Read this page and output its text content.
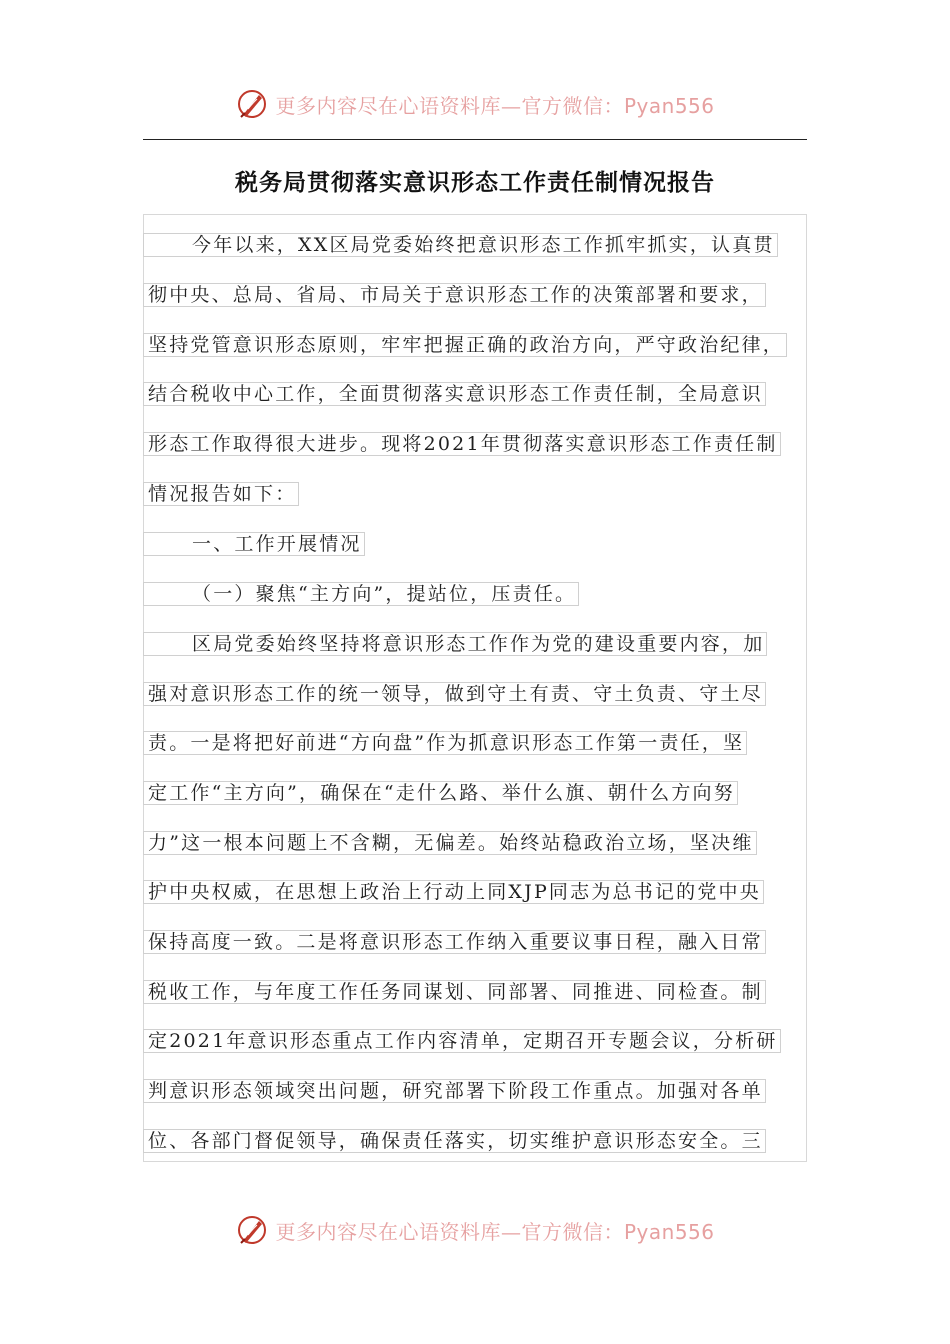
更多内容尽在心语资料库—官方微信：Pyan556
税务局贯彻落实意识形态工作责任制情况报告
今年以来，XX区局党委始终把意识形态工作抓牢抓实，认真贯
彻中央、总局、省局、市局关于意识形态工作的决策部署和要求，
坚持党管意识形态原则，牢牢把握正确的政治方向，严守政治纪律，
结合税收中心工作，全面贯彻落实意识形态工作责任制，全局意识
形态工作取得很大进步。现将2021年贯彻落实意识形态工作责任制
情况报告如下：
一、工作开展情况
（一）聚焦“主方向”，提站位，压责任。
区局党委始终坚持将意识形态工作作为党的建设重要内容，加
强对意识形态工作的统一领导，做到守土有责、守土负责、守土尽
责。一是将把好前进“方向盘”作为抓意识形态工作第一责任，坚
定工作“主方向”，确保在“走什么路、举什么旗、朝什么方向努
力”这一根本问题上不含糊，无偏差。始终站稳政治立场，坚决维
护中央权威，在思想上政治上行动上同XJP同志为总书记的党中央
保持高度一致。二是将意识形态工作纳入重要议事日程，融入日常
税收工作，与年度工作任务同谋划、同部署、同推进、同检查。制
定2021年意识形态重点工作内容清单，定期召开专题会议，分析研
判意识形态领域突出问题，研究部署下阶段工作重点。加强对各单
位、各部门督促领导，确保责任落实，切实维护意识形态安全。三
更多内容尽在心语资料库—官方微信：Pyan556
